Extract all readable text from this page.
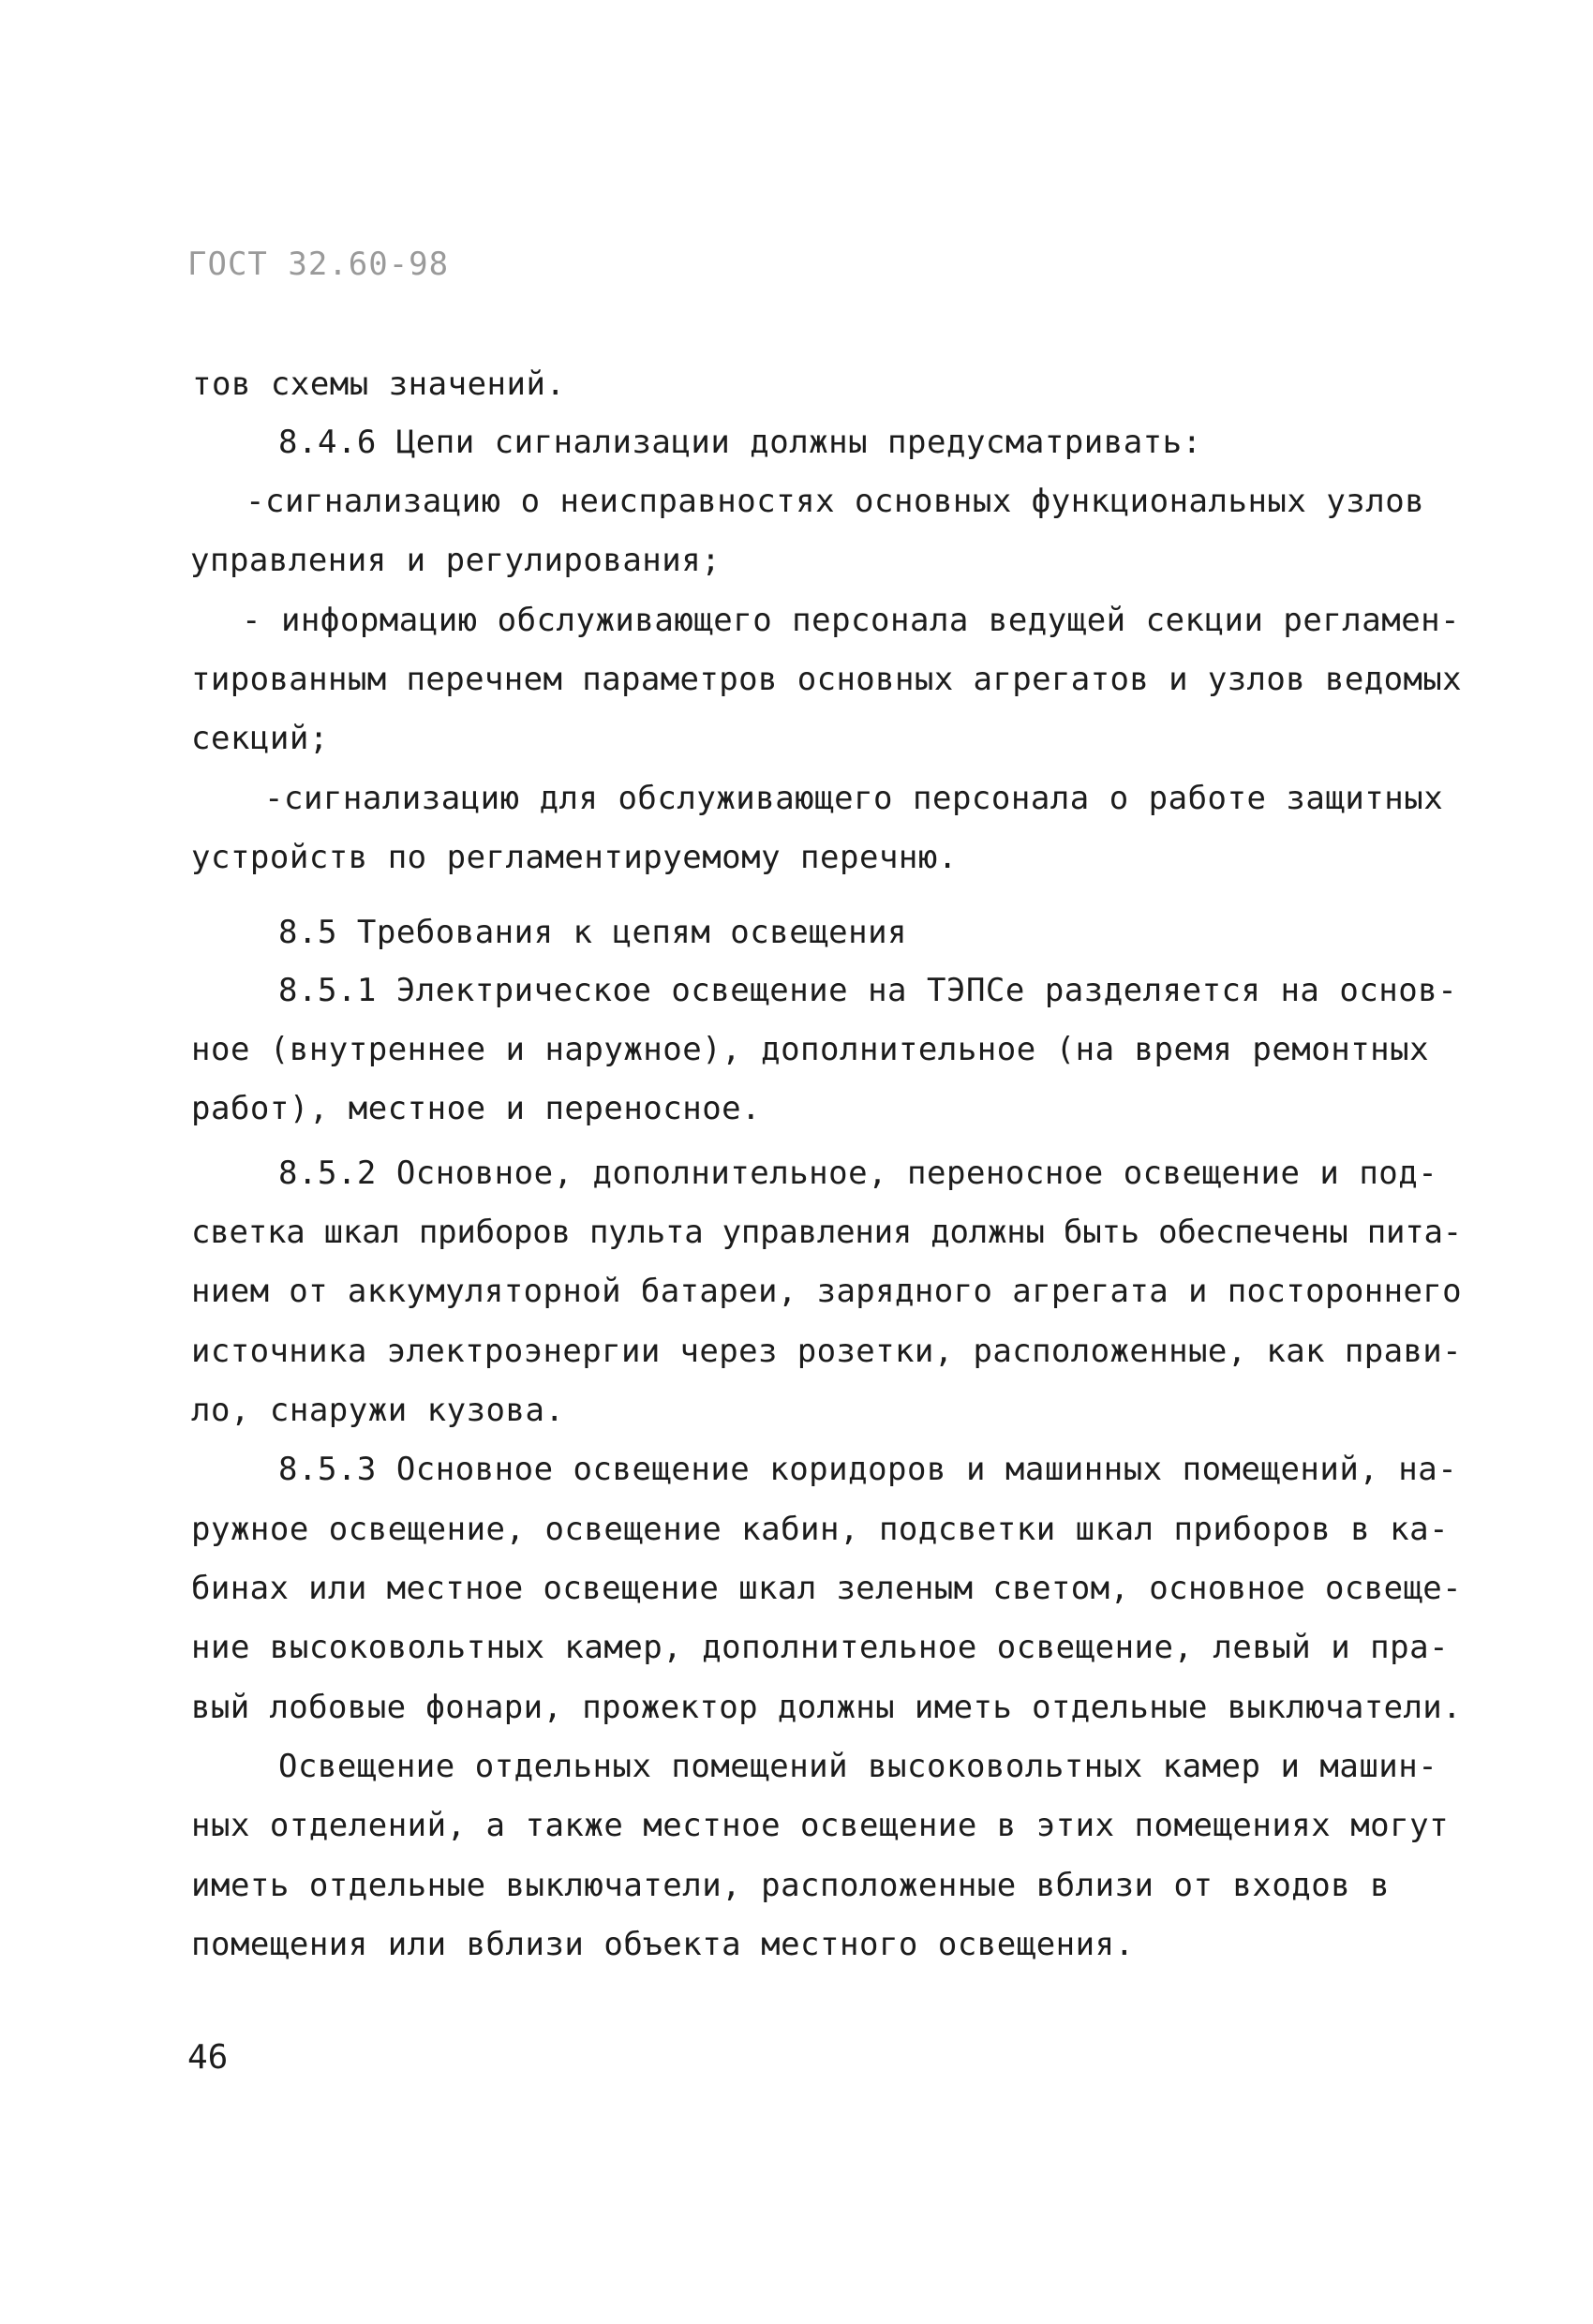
ГОСТ 32.60-98
тов схемы значений.
8.4.6 Цепи сигнализации должны предусматривать:
-сигнализацию о неисправностях основных функциональных узлов
управления и регулирования;
- информацию обслуживающего персонала ведущей секции регламен-
тированным перечнем параметров основных агрегатов и узлов ведомых
секций;
-сигнализацию для обслуживающего персонала о работе защитных
устройств по регламентируемому перечню.
8.5 Требования к цепям освещения
8.5.1 Электрическое освещение на ТЭПСе разделяется на основ-
ное (внутреннее и наружное), дополнительное (на время ремонтных
работ), местное и переносное.
8.5.2 Основное, дополнительное, переносное освещение и под-
светка шкал приборов пульта управления должны быть обеспечены пита-
нием от аккумуляторной батареи, зарядного агрегата и постороннего
источника электроэнергии через розетки, расположенные, как прави-
ло, снаружи кузова.
8.5.3 Основное освещение коридоров и машинных помещений, на-
ружное освещение, освещение кабин, подсветки шкал приборов в ка-
бинах или местное освещение шкал зеленым светом, основное освеще-
ние высоковольтных камер, дополнительное освещение, левый и пра-
вый лобовые фонари, прожектор должны иметь отдельные выключатели.
Освещение отдельных помещений высоковольтных камер и машин-
ных отделений, а также местное освещение в этих помещениях могут
иметь отдельные выключатели, расположенные вблизи от входов в
помещения или вблизи объекта местного освещения.
46
